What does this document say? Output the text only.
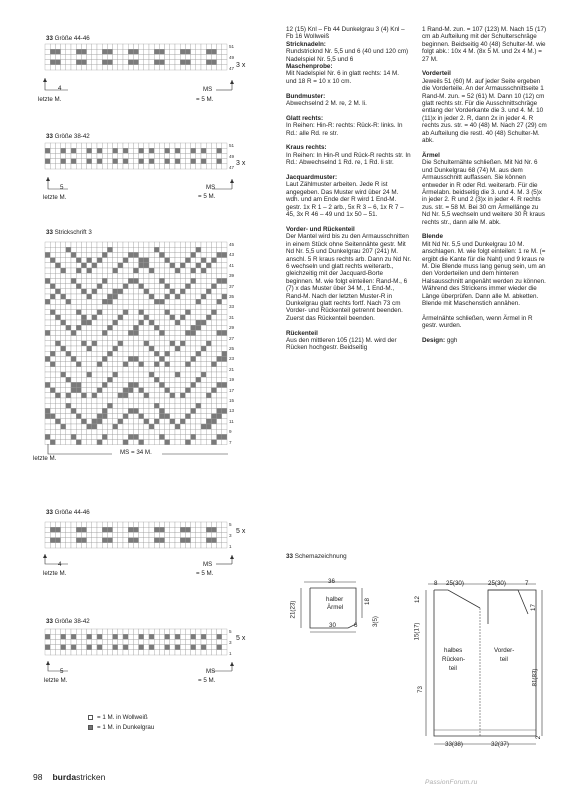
33 Größe 44-46
51
49
47 3 x
4
letzte M.
MS
= 5 M.
33 Größe 38-42
51
49
47
3 x
5
letzte M.
MS
= 5 M.
33 Strickschrift 3
45
43
41
39
37
35
33
31
29
27
25
23
21
19
17
15
13
11
9
7
letzte M.
MS = 34 M.
33 Größe 44-46
5
3
1
5 x
4
letzte M.
MS
= 5 M.
33 Größe 38-42
5
3
1
5 x
5
letzte M.
MS
= 5 M.
= 1 M. in Wollweiß
= 1 M. in Dunkelgrau

12 (15) Knl – Fb 44 Dunkelgrau 3 (4) Knl – Fb 16 Wollweiß

Stricknadeln:

Rundstricknd Nr. 5,5 und 6 (40 und 120 cm) Nadelspiel Nr. 5,5 und 6

Maschenprobe:

Mit Nadelspiel Nr. 6 in glatt rechts: 14 M. und 18 R = 10 x 10 cm.

Bundmuster:

Abwechselnd 2 M. re, 2 M. li.

Glatt rechts:

In Reihen: Hin-R: rechts: Rück-R: links. In Rd.: alle Rd. re str.

Kraus rechts:

In Reihen: In Hin-R und Rück-R rechts str. In Rd.: Abwechselnd 1 Rd. re, 1 Rd. li str.

Jacquardmuster:

Laut Zählmuster arbeiten. Jede R ist angegeben. Das Muster wird über 24 M. wdh. und am Ende der R wird 1 End-M. gestr. 1x R 1 – 2 arb., 5x R 3 – 6, 1x R 7 – 45, 3x R 46 – 49 und 1x 50 – 51.

Vorder- und Rückenteil

Der Mantel wird bis zu den Armausschnitten in einem Stück ohne Seitennähte gestr. Mit Nd Nr. 5,5 und Dunkelgrau 207 (241) M. anschl. 5 R kraus rechts arb. Dann zu Nd Nr. 6 wechseln und glatt rechts weiterarb., gleichzeitig mit der Jacquard-Borte beginnen. M. wie folgt einteilen: Rand-M., 6 (7) x das Muster über 34 M., 1 End-M., Rand-M. Nach der letzten Muster-R in Dunkelgrau glatt rechts fortf. Nach 73 cm Vorder- und Rückenteil getrennt beenden. Zuerst das Rückenteil beenden.

Rückenteil

Aus den mittleren 105 (121) M. wird der Rücken hochgestr. Beidseitig

1 Rand-M. zun. = 107 (123) M. Nach 15 (17) cm ab Aufteilung mit der Schulterschräge beginnen. Beidseitig 40 (48) Schulter-M. wie folgt abk.: 10x 4 M. (8x 5 M. und 2x 4 M.) = 27 M.

Vorderteil

Jeweils 51 (60) M. auf jeder Seite ergeben die Vorderteile. An der Armausschnittseite 1 Rand-M. zun. = 52 (61) M. Dann 10 (12) cm glatt rechts str. Für die Ausschnittschräge entlang der Vorderkante die 3. und 4. M. 10 (11)x in jeder 2. R, dann 2x in jeder 4. R rechts zus. str. = 40 (48) M. Nach 27 (29) cm ab Aufteilung die restl. 40 (48) Schulter-M. abk.

Ärmel

Die Schulternähte schließen. Mit Nd Nr. 6 und Dunkelgrau 68 (74) M. aus dem Armausschnitt auffassen. Sie können entweder in R oder Rd. weiterarb. Für die Ärmelabn. beidseitig die 3. und 4. M. 3 (5)x in jeder 2. R und 2 (3)x in jeder 4. R rechts zus. str. = 58 M. Bei 30 cm Ärmellänge zu Nd Nr. 5,5 wechseln und weitere 30 R kraus rechts str., dann alle M. abk.

Blende

Mit Nd Nr. 5,5 und Dunkelgrau 10 M. anschlagen. M. wie folgt einteilen: 1 re M. (= ergibt die Kante für die Naht) und 9 kraus re M. Die Blende muss lang genug sein, um an den Vorderteilen und dem hinteren Halsausschnitt angenäht werden zu können. Während des Strickens immer wieder die Länge überprüfen. Dann alle M. abketten. Blende mit Maschenstich annähen.

Ärmelnähte schließen, wenn Ärmel in R gestr. wurden.

Design: ggh

33 Schemazeichnung
36
halber
Ärmel
21(23)	18
3(5)
30	6
8 25(30)	25(30)	7
12
15(17)
17
halbes
Rücken-
teil
Vorder-
teil
73
81(83)
2
33(38)	32(37)
98 burdastricken
PassionForum.ru
